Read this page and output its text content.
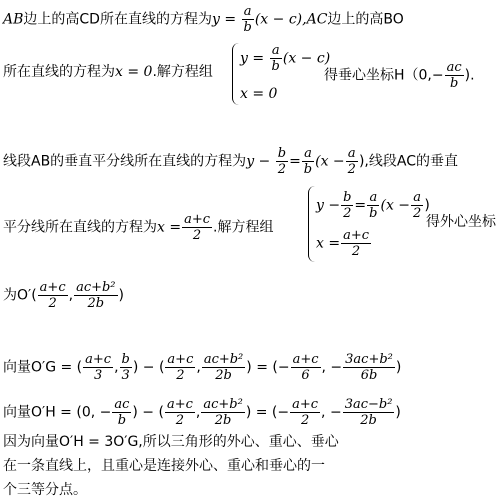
AB边上的高CD所在直线的方程为$y = \frac{a}{b} (x - c),AC$边上的高BO
所在直线的方程为x = 0.解方程组
$y = \frac{a}{b} (x - c)$
x = 0
得垂心坐标$H(0,- \frac{ac}{b}$ ).
线段AB的垂直平分线所在直线的方程为$y - \frac{b}{2} = \frac{a}{b} (x - \frac{a}{2}$ ),线段AC的垂直
平分线所在直线的方程为$x = \frac{a+c}{2}$ .解方程组
$y - \frac{b}{2} = \frac{a}{b} (x - \frac{a}{2}$ )
$x = \frac{a+c}{2}$
得外心坐标
为$O'( \frac{a+c}{2}$ , $\frac{\text{ac+b²}}{2b}$ )
向量O′G = ( $\frac{a+c}{3}$ , $\frac{b}{3}$ ) − ( $\frac{a+c}{2}$ , $\frac{\text{ac+b²}}{2b}$ ) = (− $\frac{a+c}{6}$ , − $\frac{\text{3ac+b²}}{6b}$ )
向量O′H = (0, − $\frac{ac}{b}$ ) − ( $\frac{a+c}{2}$ , $\frac{\text{ac+b²}}{2b}$ ) = (− $\frac{a+c}{2}$ , − $\frac{\text{3ac−b²}}{2b}$ )
因为向量O′H = 3O′G,所以三角形的外心、重心、垂心
在一条直线上，且重心是连接外心、重心和垂心的一
个三等分点。
